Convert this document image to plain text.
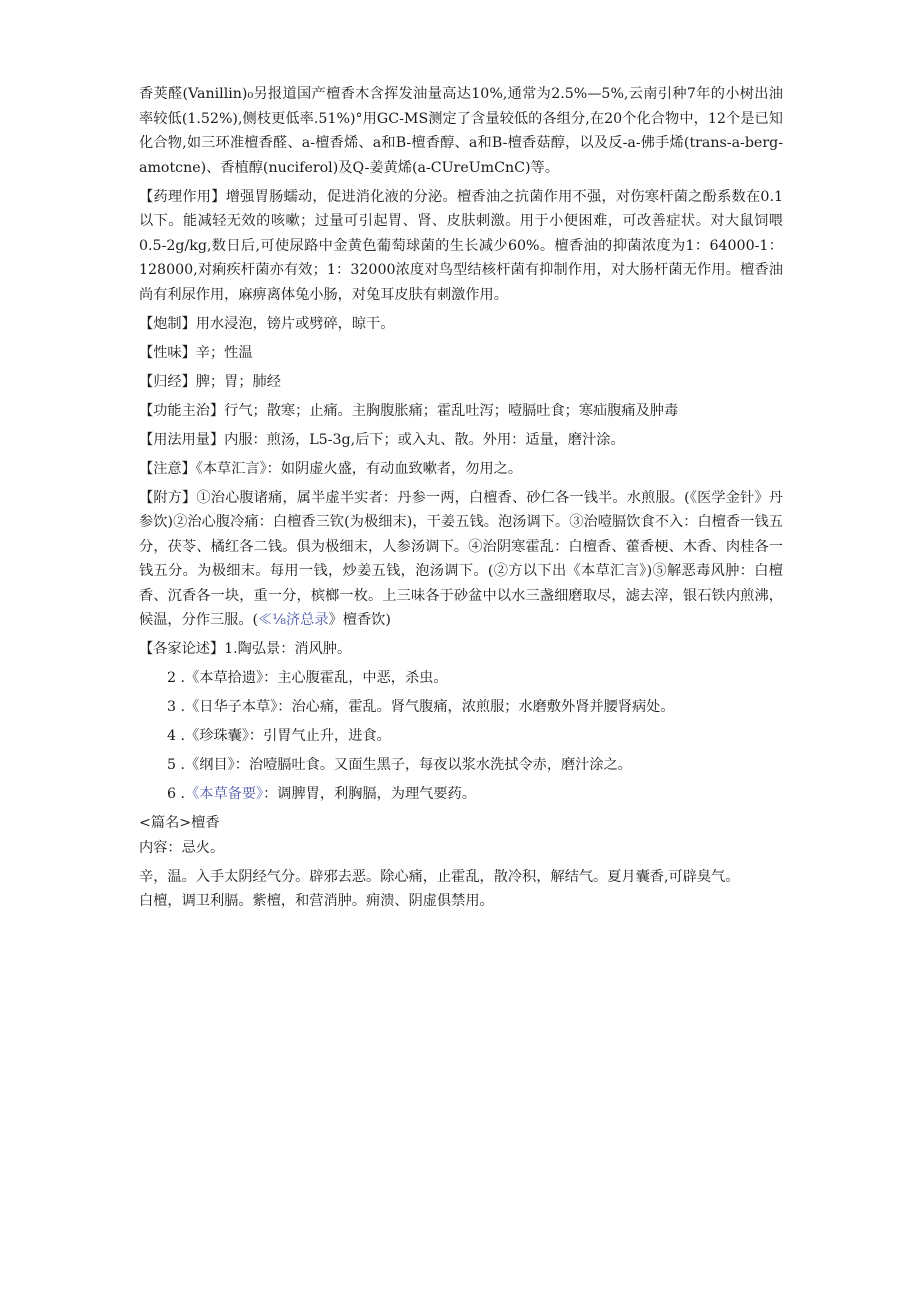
香荚醛(Vanillin)₀另报道国产檀香木含挥发油量高达10%,通常为2.5%—5%,云南引种7年的小树出油率较低(1.52%),侧枝更低率.51%)°用GC-MS测定了含量较低的各组分,在20个化合物中，12个是已知化合物,如三环准檀香醛、a-檀香烯、a和B-檀香醇、a和B-檀香菇醇，以及反-a-佛手烯(trans-a-berg-amotcne)、香植醇(nuciferol)及Q-姜黄烯(a-CUreUmCnC)等。

【药理作用】增强胃肠蠕动，促进消化液的分泌。檀香油之抗菌作用不强，对伤寒杆菌之酚系数在0.1以下。能减轻无效的咳嗽；过量可引起胃、肾、皮肤刺激。用于小便困难，可改善症状。对大鼠饲喂0.5-2g/kg,数日后,可使尿路中金黄色葡萄球菌的生长减少60%。檀香油的抑菌浓度为1：64000-1：128000,对痢疾杆菌亦有效；1：32000浓度对鸟型结核杆菌有抑制作用，对大肠杆菌无作用。檀香油尚有利尿作用，麻痹离体兔小肠，对兔耳皮肤有刺激作用。

【炮制】用水浸泡，镑片或劈碎，晾干。

【性味】辛；性温

【归经】脾；胃；肺经

【功能主治】行气；散寒；止痛。主胸腹胀痛；霍乱吐泻；噎膈吐食；寒疝腹痛及肿毒

【用法用量】内服：煎汤，L5-3g,后下；或入丸、散。外用：适量，磨汁涂。

【注意】《本草汇言》：如阴虚火盛，有动血致嗽者，勿用之。

【附方】①治心腹诸痛，属半虚半实者：丹参一两，白檀香、砂仁各一钱半。水煎服。(《医学金针》丹参饮)②治心腹冷痛：白檀香三钦(为极细末)，干姜五钱。泡汤调下。③治噎膈饮食不入：白檀香一钱五分，茯苓、橘红各二钱。俱为极细末，人参汤调下。④治阴寒霍乱：白檀香、藿香梗、木香、肉桂各一钱五分。为极细末。每用一钱，炒姜五钱，泡汤调下。(②方以下出《本草汇言》)⑤解恶毒风肿：白檀香、沉香各一块，重一分，槟榔一枚。上三味各于砂盆中以水三盏细磨取尽，滤去滓，银石铁内煎沸，候温，分作三服。(≪⅛济总录》檀香饮)

【各家论述】1.陶弘景：消风肿。

2 .《本草拾遗》：主心腹霍乱，中恶，杀虫。
3 .《日华子本草》：治心痛，霍乱。肾气腹痛，浓煎服；水磨敷外肾并腰肾病处。
4 .《珍珠囊》：引胃气止升，进食。
5 .《纲目》：治噎膈吐食。又面生黑子，每夜以浆水洗拭令赤，磨汁涂之。
6 .《本草备要》：调脾胃，利胸膈，为理气要药。

<篇名>檀香

内容：忌火。

辛，温。入手太阴经气分。辟邪去恶。除心痛，止霍乱，散冷积，解结气。夏月囊香,可辟臭气。

白檀，调卫利膈。紫檀，和营消肿。痈溃、阴虚俱禁用。
